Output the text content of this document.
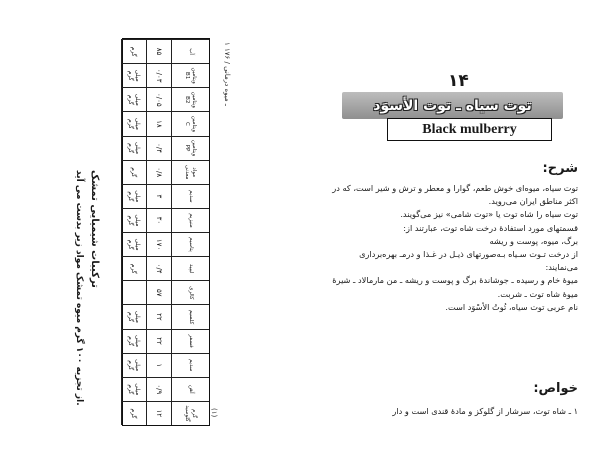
ترکیبات شیمیایی تمشک
از تجزیه ۱۰۰ گرم میوه تمشک مواد زیر بدست می آید.
گرم گلوسید
آهن
سدیم
فسفر
کلسیم
کالری
لیپید
پتاسیم
منیزیم
سدیم
مواد معدنی
ویتامین PP
ویتامین C
ویتامین B2
ویتامین B1
آب
۱۲
۰/۹
۱
۲۲
۲۲
۵۷
۰/۴
۱۷۰
۳۰
۳
۰/۸
۰/۴
۱۸
۰/۰۵
۰/۰۳
۸۵
گرم
میلی گرم
میلی گرم
میلی گرم
میلی گرم
گرم
میلی گرم
میلی گرم
میلی گرم
گرم
میلی گرم
میلی گرم
میلی گرم
میلی گرم
گرم
۱ ـ میوه درمانی / ۱۷۶
(۱)
۱۴
توت سیاه ـ توت الأسوَد
Black mulberry
شرح:

توت سیاه، میوه‌ای خوش طعم، گوارا و معطر و ترش و شیر است، که در اکثر مناطق ایران می‌روید.

توت سیاه را شاه توت یا «توت شامی» نیز می‌گویند.

قسمتهای مورد استفادهٔ درخت شاه توت، عبارتند از:

برگ، میوه، پوست و ریشه

از درخت تـوت سـیاه بـه‌صورتهای ذیـل در غـذا و درمـ بهره‌برداری می‌نمایند:

میوهٔ خام و رسیده ـ جوشاندهٔ برگ و پوست و ریشه ـ من مارمالاد ـ شیرهٔ میوهٔ شاه توت ـ شربت.

نام عربی توت سیاه، تُوتُ الأسْوَد است.

خواص:
۱ ـ شاه توت، سرشار از گلوکز و مادهٔ قندی است و دار
